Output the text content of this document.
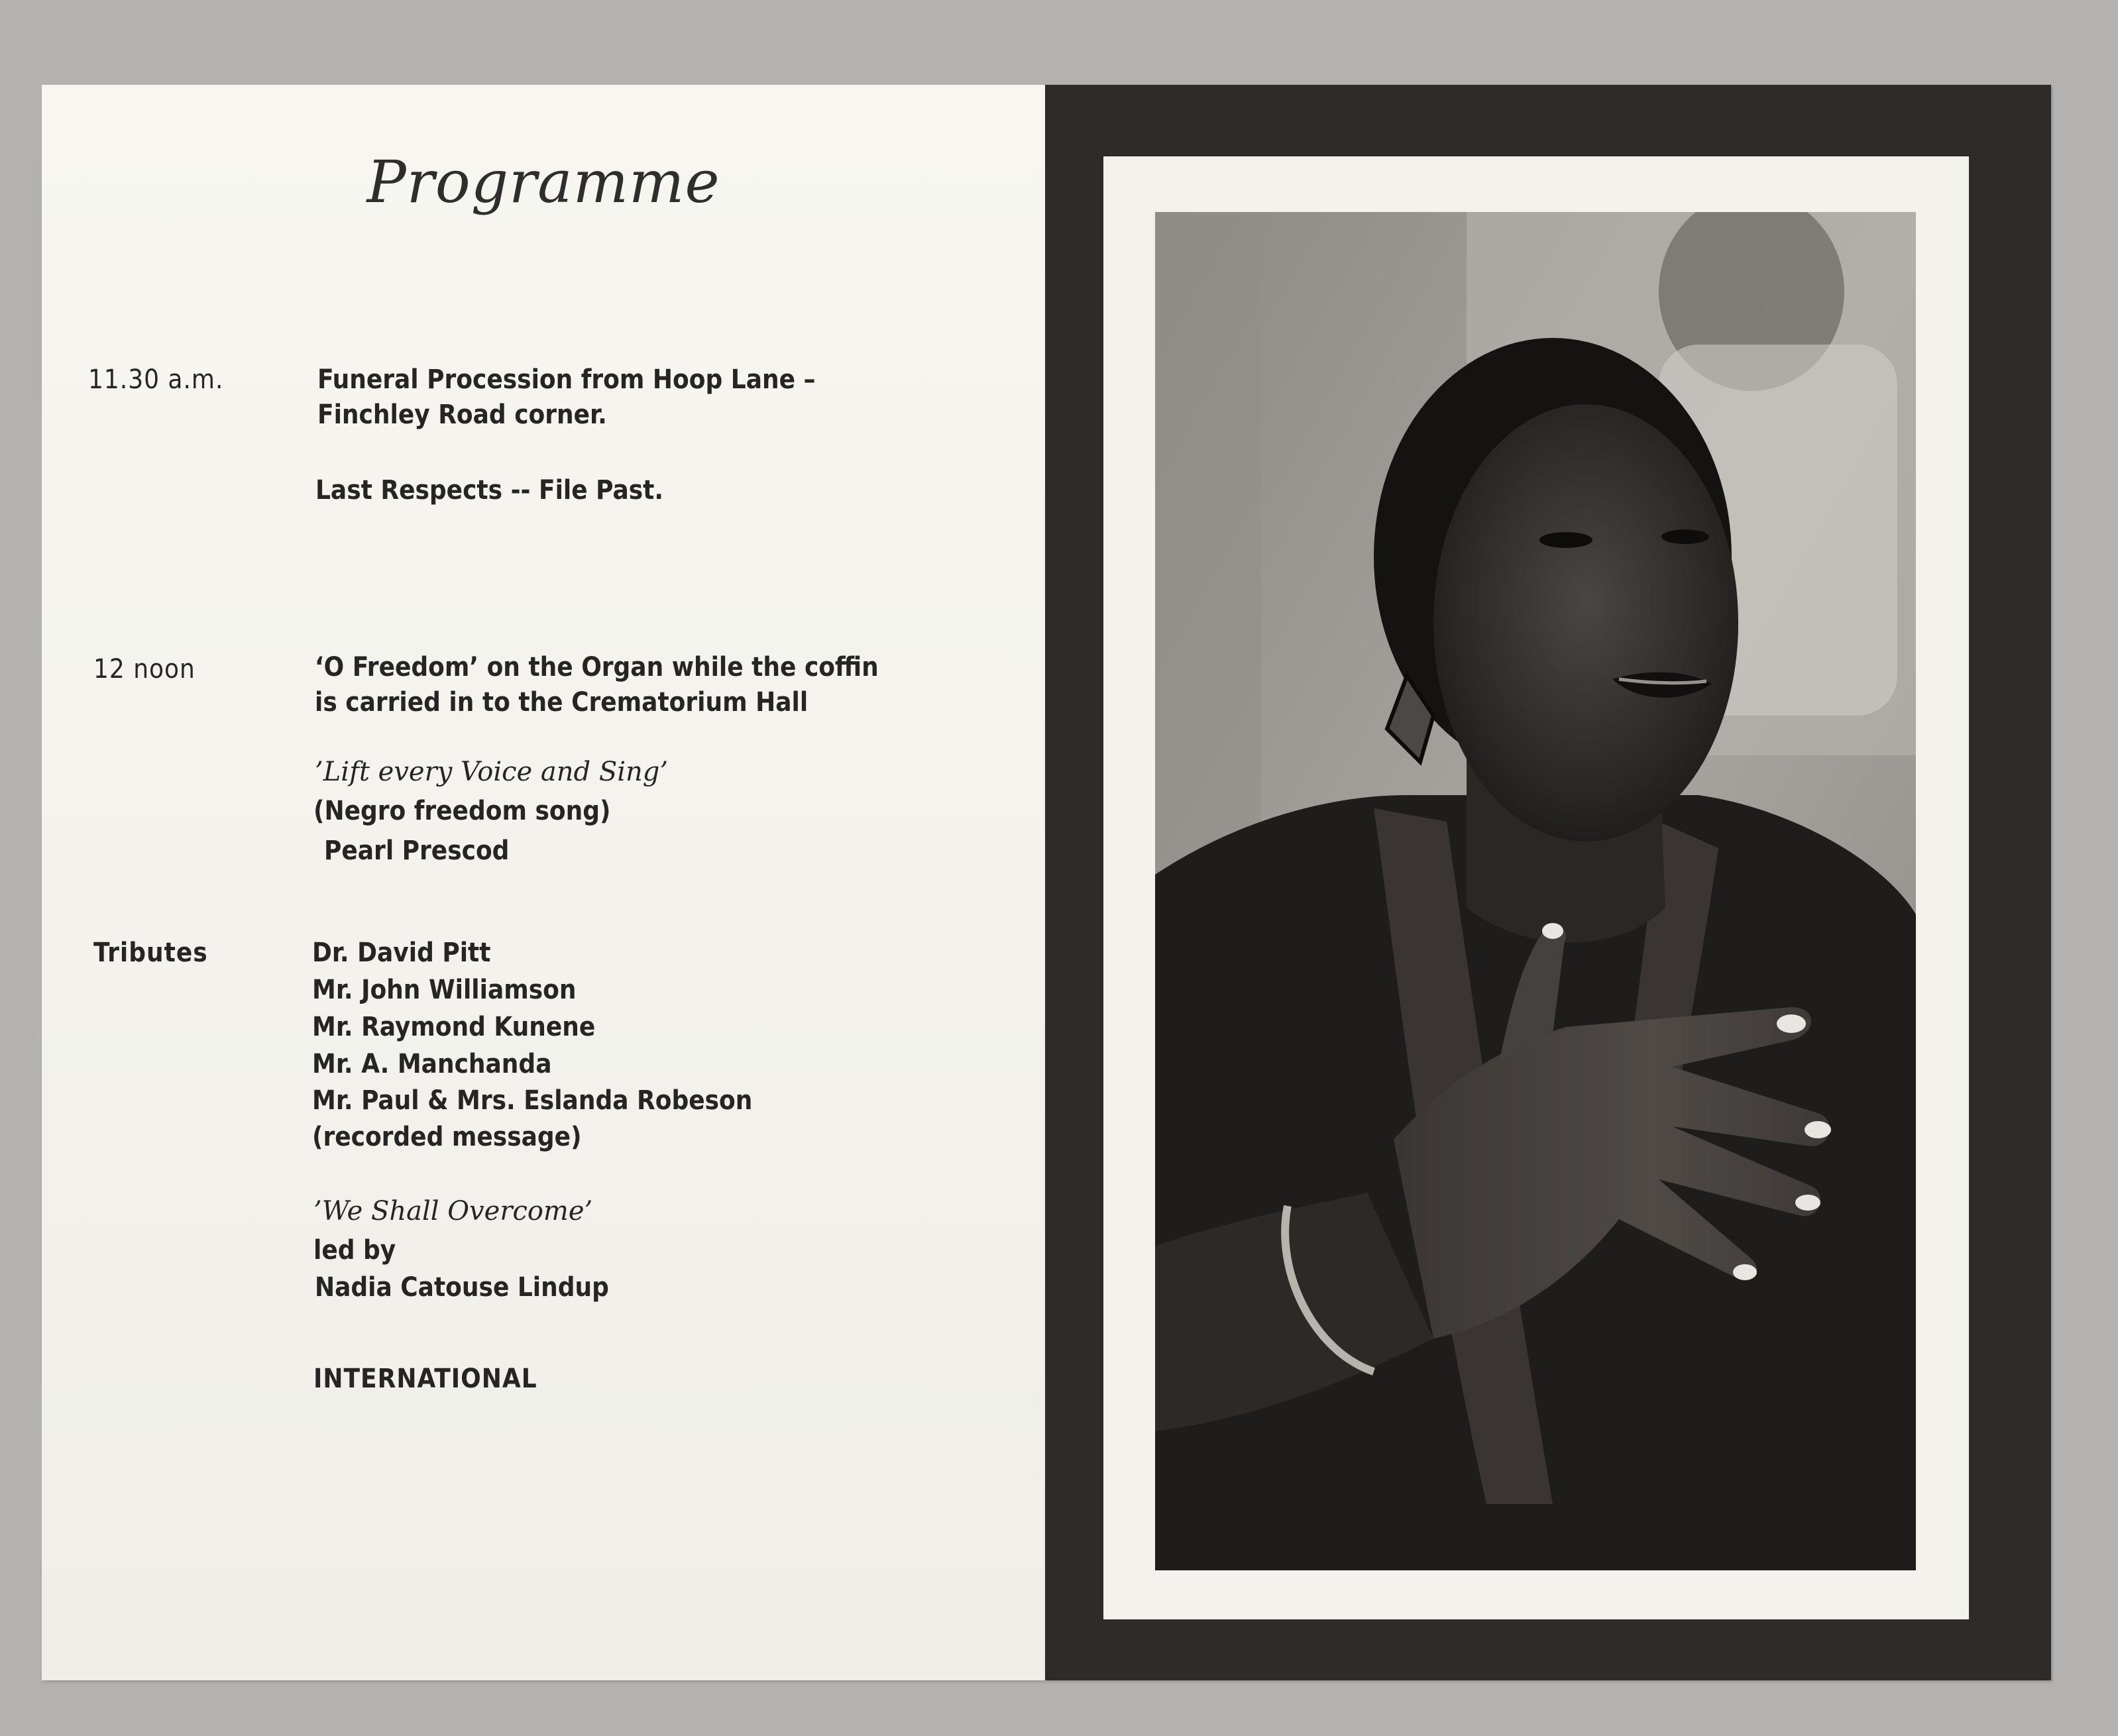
Programme
11.30 a.m.	Funeral Procession from Hoop Lane –
Finchley Road corner.
Last Respects -- File Past.
12 noon	‘O Freedom’ on the Organ while the coffin
is carried in to the Crematorium Hall
’Lift every Voice and Sing’
(Negro freedom song)
Pearl Prescod
Tributes	Dr. David Pitt
Mr. John Williamson
Mr. Raymond Kunene
Mr. A. Manchanda
Mr. Paul & Mrs. Eslanda Robeson
(recorded message)
’We Shall Overcome’
led by
Nadia Catouse Lindup
INTERNATIONAL
